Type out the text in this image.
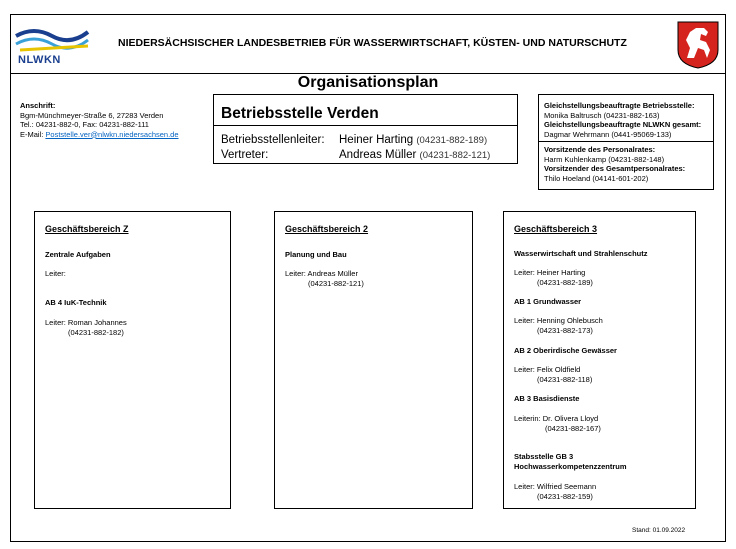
NLWKN
NIEDERSÄCHSISCHER LANDESBETRIEB FÜR WASSERWIRTSCHAFT, KÜSTEN- UND NATURSCHUTZ
Organisationsplan
Anschrift:
Bgm-Münchmeyer-Straße 6, 27283 Verden
Tel.: 04231-882-0, Fax: 04231-882-111
E-Mail: Poststelle.ver@nlwkn.niedersachsen.de
Betriebsstelle Verden
Betriebsstellenleiter: Heiner Harting (04231-882-189)
Vertreter:	Andreas Müller (04231-882-121)
Gleichstellungsbeauftragte Betriebsstelle:
Monika Baltrusch (04231-882-163)
Gleichstellungsbeauftragte NLWKN gesamt:
Dagmar Wehrmann (0441-95069-133)
Vorsitzende des Personalrates:
Harm Kuhlenkamp (04231-882-148)
Vorsitzender des Gesamtpersonalrates:
Thilo Hoeland (04141-601-202)
Geschäftsbereich Z
Zentrale Aufgaben
Leiter:
AB 4 IuK-Technik
Leiter: Roman Johannes
(04231-882-182)
Geschäftsbereich 2
Planung und Bau
Leiter: Andreas Müller
(04231-882-121)
Geschäftsbereich 3
Wasserwirtschaft und Strahlenschutz
Leiter: Heiner Harting
(04231-882-189)
AB 1 Grundwasser
Leiter: Henning Ohlebusch
(04231-882-173)
AB 2 Oberirdische Gewässer
Leiter: Felix Oldfield
(04231-882-118)
AB 3 Basisdienste
Leiterin: Dr. Olivera Lloyd
(04231-882-167)
Stabsstelle GB 3
Hochwasserkompetenzzentrum
Leiter: Wilfried Seemann
(04231-882-159)
Stand: 01.09.2022
